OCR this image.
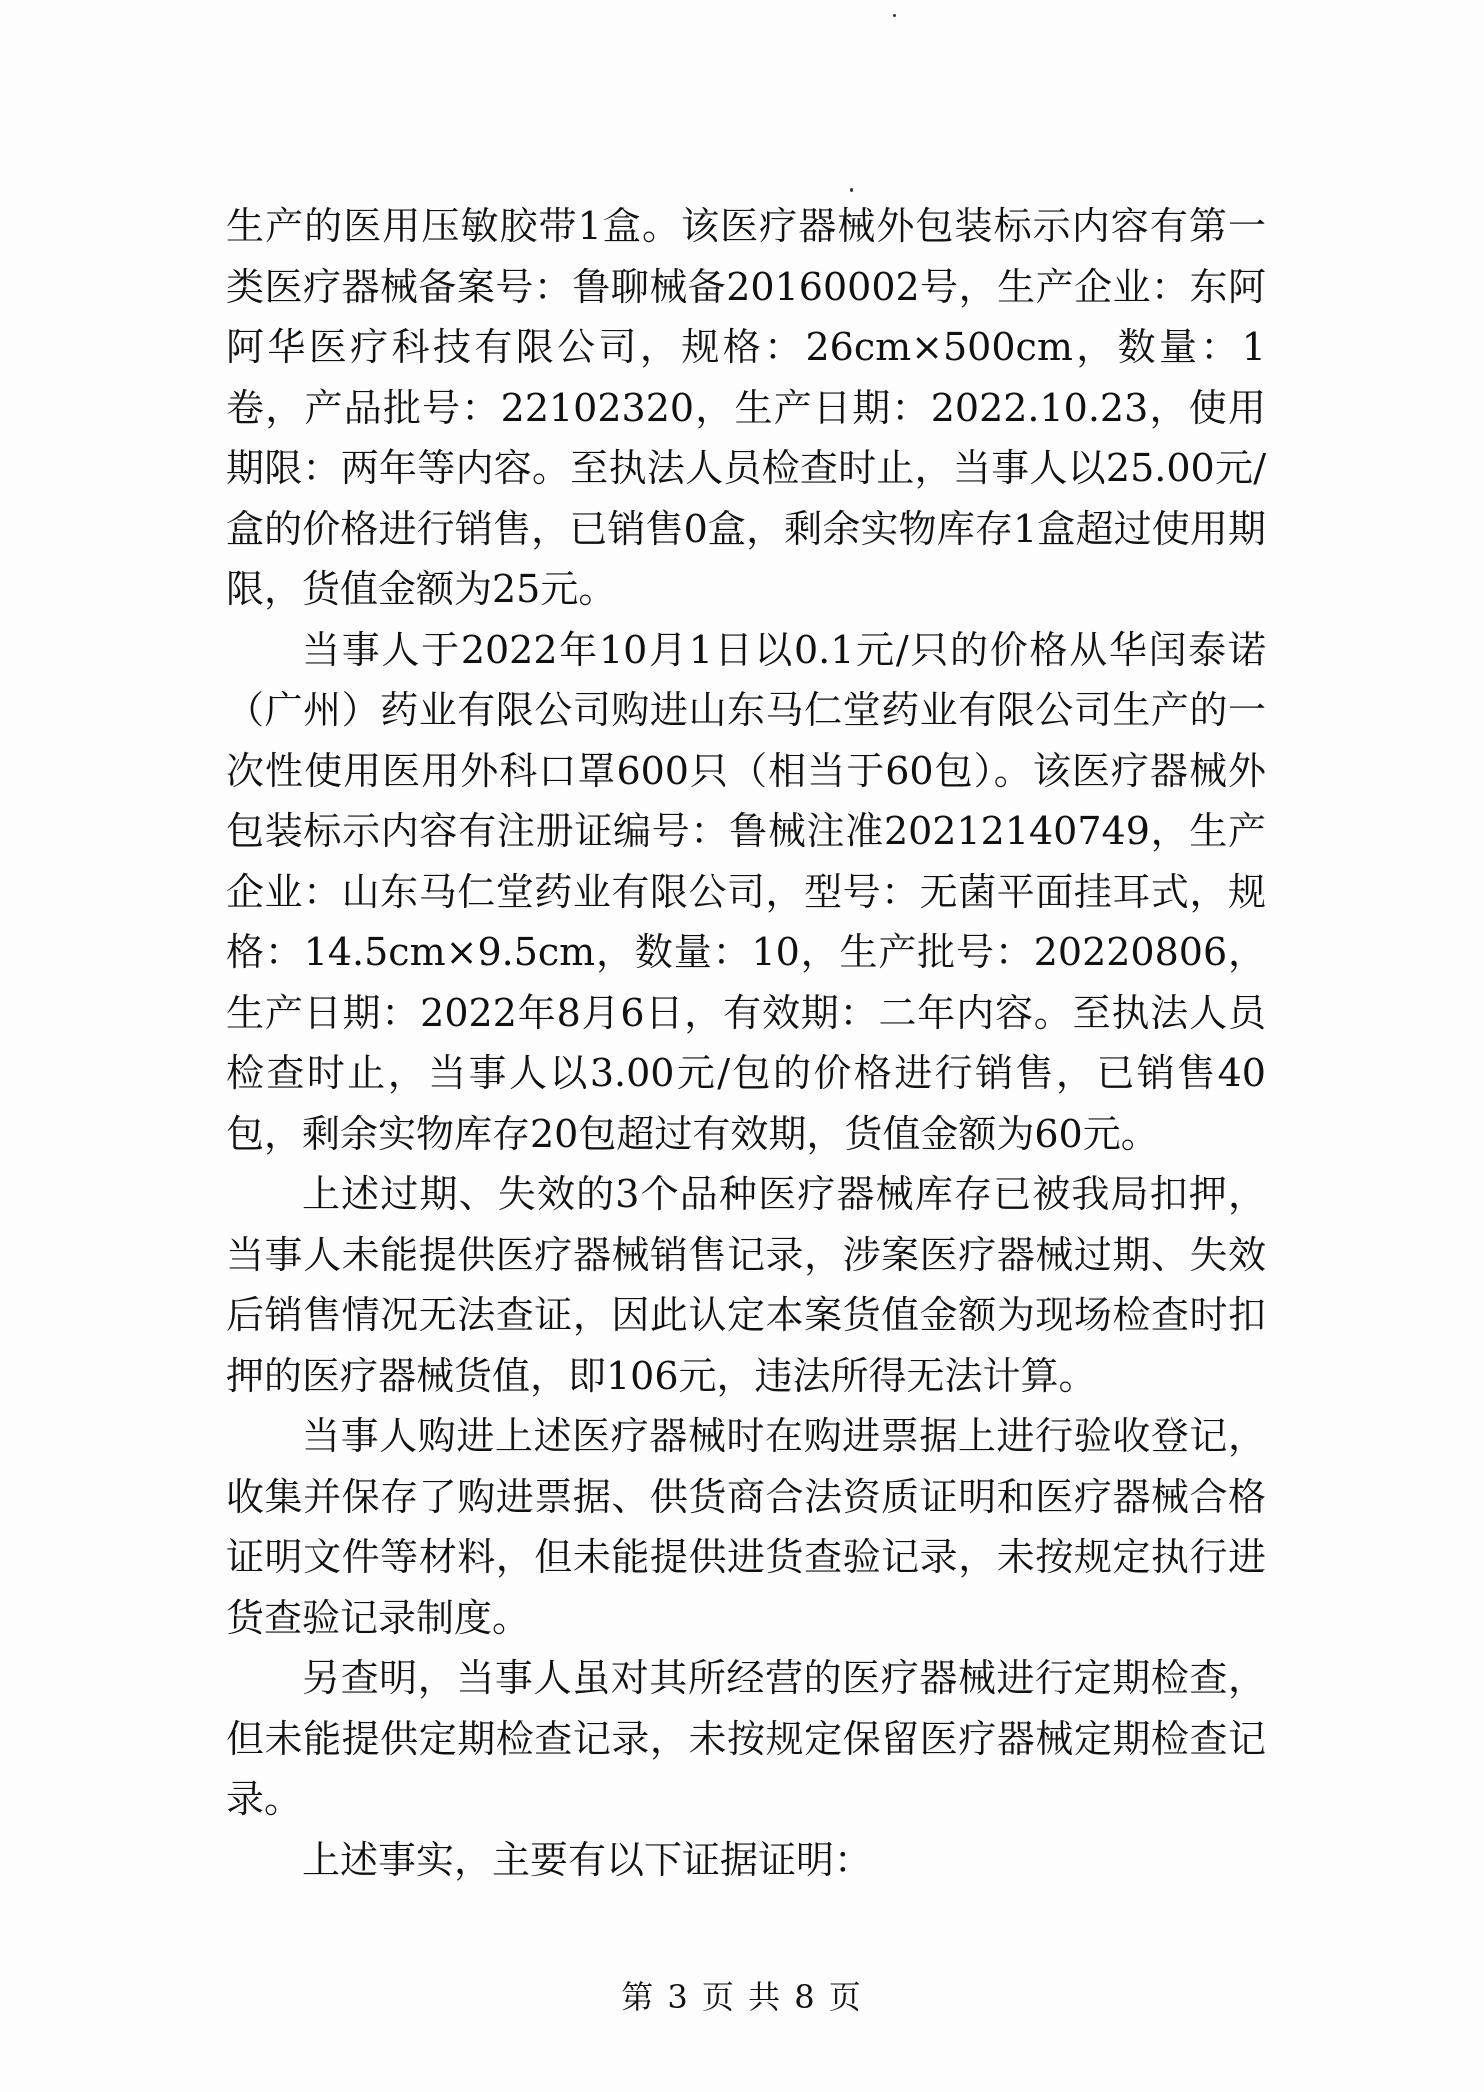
生产的医用压敏胶带1盒。该医疗器械外包装标示内容有第一类医疗器械备案号：鲁聊械备20160002号，生产企业：东阿阿华医疗科技有限公司，规格：26cm×500cm，数量：1卷，产品批号：22102320，生产日期：2022.10.23，使用期限：两年等内容。至执法人员检查时止，当事人以25.00元/盒的价格进行销售，已销售0盒，剩余实物库存1盒超过使用期限，货值金额为25元。

当事人于2022年10月1日以0.1元/只的价格从华闰泰诺（广州）药业有限公司购进山东马仁堂药业有限公司生产的一次性使用医用外科口罩600只（相当于60包）。该医疗器械外包装标示内容有注册证编号：鲁械注准20212140749，生产企业：山东马仁堂药业有限公司，型号：无菌平面挂耳式，规格：14.5cm×9.5cm，数量：10，生产批号：20220806，生产日期：2022年8月6日，有效期：二年内容。至执法人员检查时止，当事人以3.00元/包的价格进行销售，已销售40包，剩余实物库存20包超过有效期，货值金额为60元。

上述过期、失效的3个品种医疗器械库存已被我局扣押，当事人未能提供医疗器械销售记录，涉案医疗器械过期、失效后销售情况无法查证，因此认定本案货值金额为现场检查时扣押的医疗器械货值，即106元，违法所得无法计算。

当事人购进上述医疗器械时在购进票据上进行验收登记，收集并保存了购进票据、供货商合法资质证明和医疗器械合格证明文件等材料，但未能提供进货查验记录，未按规定执行进货查验记录制度。

另查明，当事人虽对其所经营的医疗器械进行定期检查，但未能提供定期检查记录，未按规定保留医疗器械定期检查记录。

上述事实，主要有以下证据证明：

第 3 页 共 8 页
